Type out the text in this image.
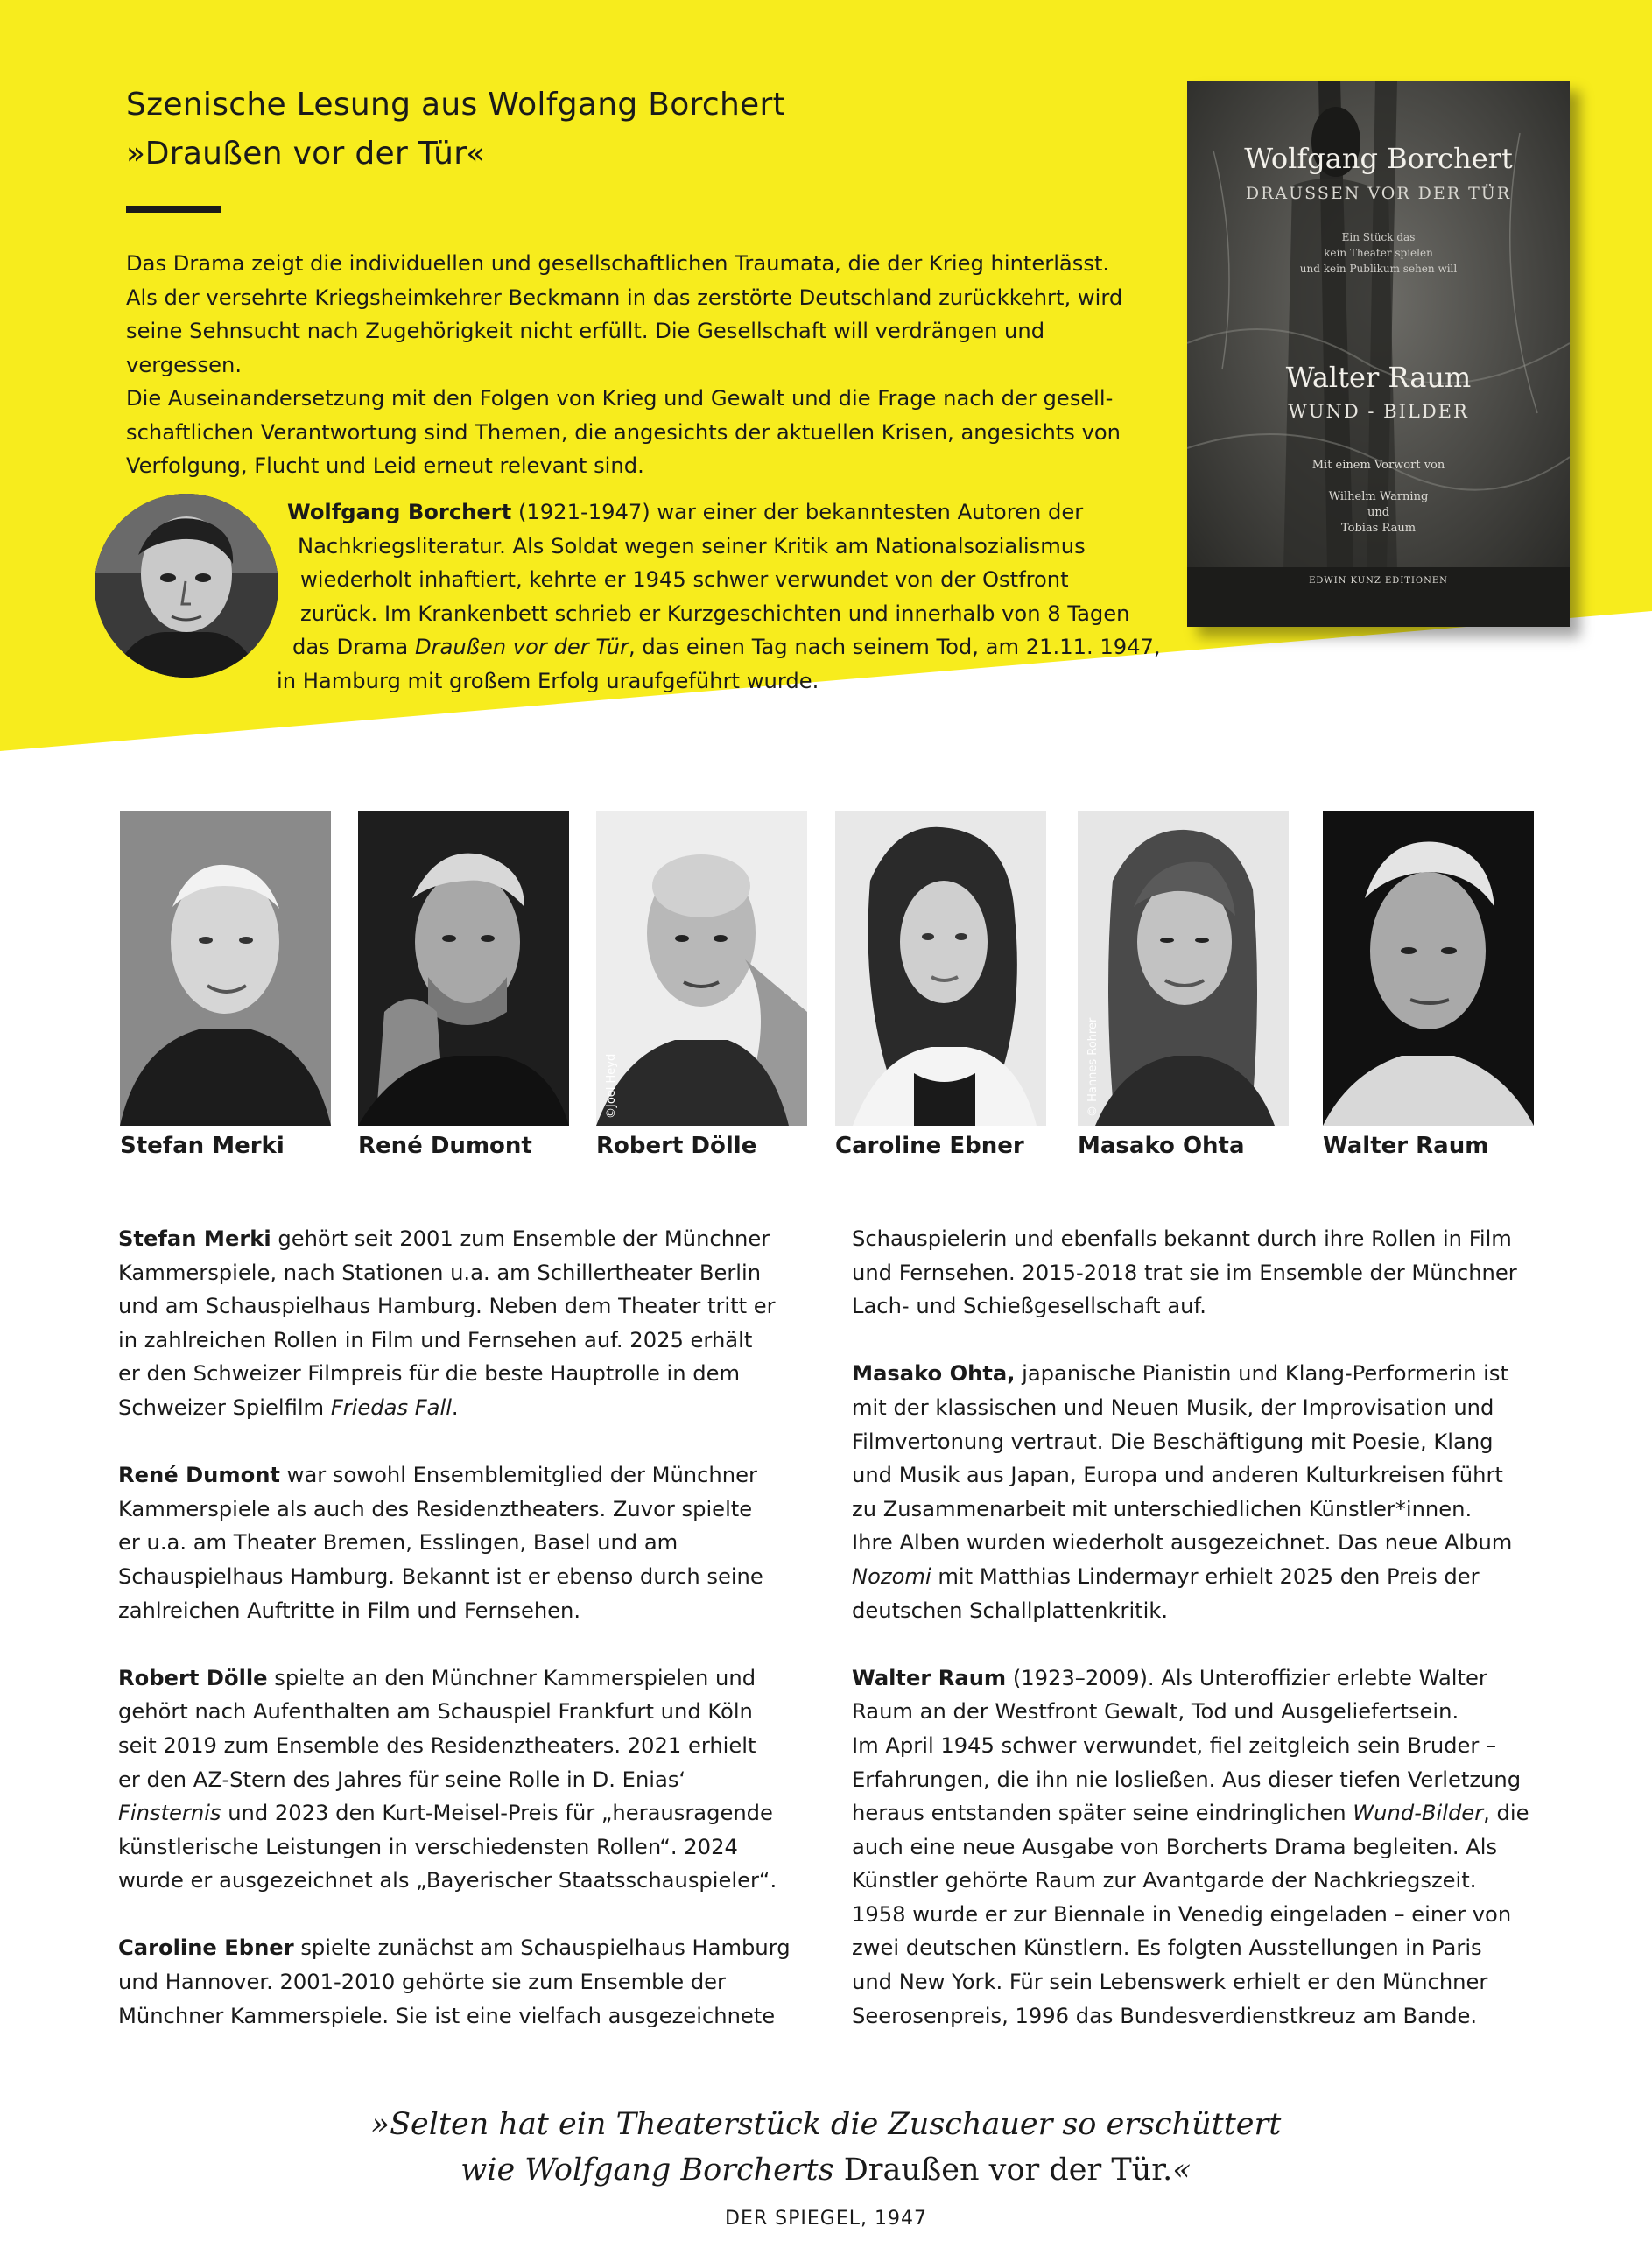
Szenische Lesung aus Wolfgang Borchert
»Draußen vor der Tür«
Das Drama zeigt die individuellen und gesellschaftlichen Traumata, die der Krieg hinterlässt.
Als der versehrte Kriegsheimkehrer Beckmann in das zerstörte Deutschland zurückkehrt, wird
seine Sehnsucht nach Zugehörigkeit nicht erfüllt. Die Gesellschaft will verdrängen und vergessen.
Die Auseinandersetzung mit den Folgen von Krieg und Gewalt und die Frage nach der gesell-
schaftlichen Verantwortung sind Themen, die angesichts der aktuellen Krisen, angesichts von
Verfolgung, Flucht und Leid erneut relevant sind.
Wolfgang Borchert (1921-1947) war einer der bekanntesten Autoren der
Nachkriegsliteratur. Als Soldat wegen seiner Kritik am Nationalsozialismus
wiederholt inhaftiert, kehrte er 1945 schwer verwundet von der Ostfront
zurück. Im Krankenbett schrieb er Kurzgeschichten und innerhalb von 8 Tagen
das Drama Draußen vor der Tür, das einen Tag nach seinem Tod, am 21.11. 1947,
in Hamburg mit großem Erfolg uraufgeführt wurde.
Wolfgang Borchert
DRAUSSEN VOR DER TÜR
Ein Stück das
kein Theater spielen
und kein Publikum sehen will
Walter Raum
WUND - BILDER
Mit einem Vorwort von
Wilhelm Warning
und
Tobias Raum
EDWIN KUNZ EDITIONEN
©Joel Heyd	© Hannes Rohrer
Stefan Merki	René Dumont	Robert Dölle	Caroline Ebner Masako Ohta	Walter Raum

Stefan Merki gehört seit 2001 zum Ensemble der Münchner
Kammerspiele, nach Stationen u.a. am Schillertheater Berlin
und am Schauspielhaus Hamburg. Neben dem Theater tritt er
in zahlreichen Rollen in Film und Fernsehen auf. 2025 erhält
er den Schweizer Filmpreis für die beste Hauptrolle in dem
Schweizer Spielfilm Friedas Fall.

René Dumont war sowohl Ensemblemitglied der Münchner
Kammerspiele als auch des Residenztheaters. Zuvor spielte
er u.a. am Theater Bremen, Esslingen, Basel und am
Schauspielhaus Hamburg. Bekannt ist er ebenso durch seine
zahlreichen Auftritte in Film und Fernsehen.

Robert Dölle spielte an den Münchner Kammerspielen und
gehört nach Aufenthalten am Schauspiel Frankfurt und Köln
seit 2019 zum Ensemble des Residenztheaters. 2021 erhielt
er den AZ-Stern des Jahres für seine Rolle in D. Enias‘
Finsternis und 2023 den Kurt-Meisel-Preis für „herausragende
künstlerische Leistungen in verschiedensten Rollen“. 2024
wurde er ausgezeichnet als „Bayerischer Staatsschauspieler“.

Caroline Ebner spielte zunächst am Schauspielhaus Hamburg
und Hannover. 2001-2010 gehörte sie zum Ensemble der
Münchner Kammerspiele. Sie ist eine vielfach ausgezeichnete

Schauspielerin und ebenfalls bekannt durch ihre Rollen in Film
und Fernsehen. 2015-2018 trat sie im Ensemble der Münchner
Lach- und Schießgesellschaft auf.

Masako Ohta, japanische Pianistin und Klang-Performerin ist
mit der klassischen und Neuen Musik, der Improvisation und
Filmvertonung vertraut. Die Beschäftigung mit Poesie, Klang
und Musik aus Japan, Europa und anderen Kulturkreisen führt
zu Zusammenarbeit mit unterschiedlichen Künstler*innen.
Ihre Alben wurden wiederholt ausgezeichnet. Das neue Album
Nozomi mit Matthias Lindermayr erhielt 2025 den Preis der
deutschen Schallplattenkritik.

Walter Raum (1923–2009). Als Unteroffizier erlebte Walter
Raum an der Westfront Gewalt, Tod und Ausgeliefertsein.
Im April 1945 schwer verwundet, fiel zeitgleich sein Bruder –
Erfahrungen, die ihn nie losließen. Aus dieser tiefen Verletzung
heraus entstanden später seine eindringlichen Wund-Bilder, die
auch eine neue Ausgabe von Borcherts Drama begleiten. Als
Künstler gehörte Raum zur Avantgarde der Nachkriegszeit.
1958 wurde er zur Biennale in Venedig eingeladen – einer von
zwei deutschen Künstlern. Es folgten Ausstellungen in Paris
und New York. Für sein Lebenswerk erhielt er den Münchner
Seerosenpreis, 1996 das Bundesverdienstkreuz am Bande.

»Selten hat ein Theaterstück die Zuschauer so erschüttert
wie Wolfgang Borcherts Draußen vor der Tür.«
DER SPIEGEL, 1947
